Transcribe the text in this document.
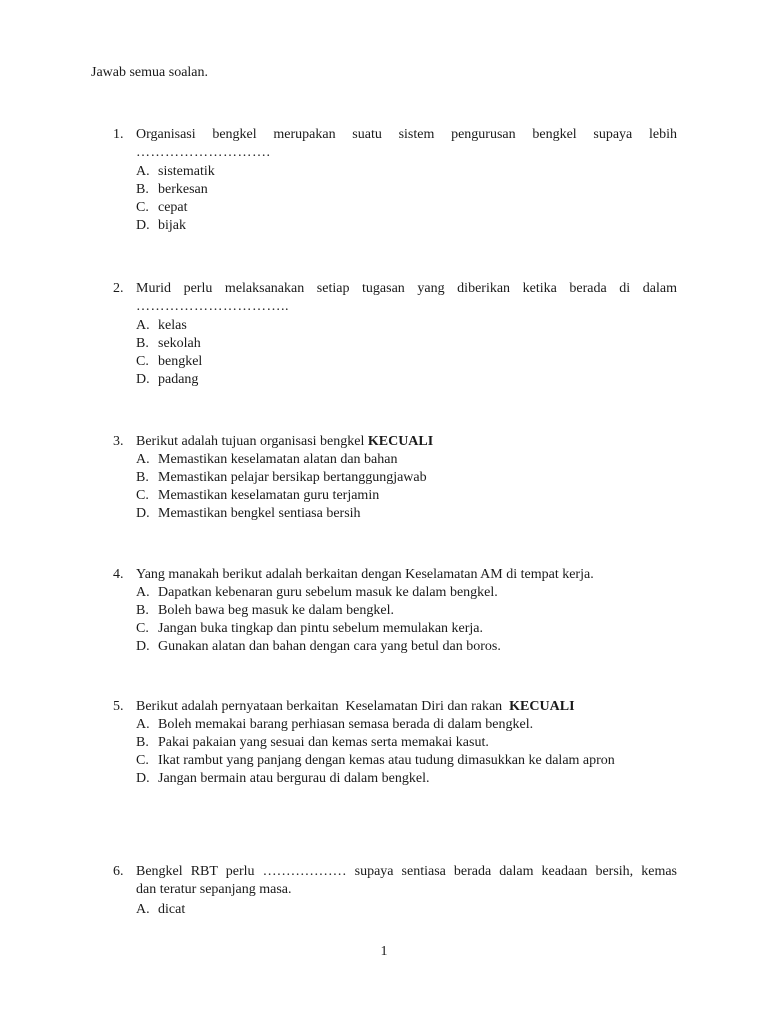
Jawab semua soalan.
1. Organisasi bengkel merupakan suatu sistem pengurusan bengkel supaya lebih
……………………….
A. sistematik
B. berkesan
C. cepat
D. bijak
2. Murid perlu melaksanakan setiap tugasan yang diberikan ketika berada di dalam
…………………………..
A. kelas
B. sekolah
C. bengkel
D. padang
3. Berikut adalah tujuan organisasi bengkel KECUALI
A. Memastikan keselamatan alatan dan bahan
B. Memastikan pelajar bersikap bertanggungjawab
C. Memastikan keselamatan guru terjamin
D. Memastikan bengkel sentiasa bersih
4. Yang manakah berikut adalah berkaitan dengan Keselamatan AM di tempat kerja.
A. Dapatkan kebenaran guru sebelum masuk ke dalam bengkel.
B. Boleh bawa beg masuk ke dalam bengkel.
C. Jangan buka tingkap dan pintu sebelum memulakan kerja.
D. Gunakan alatan dan bahan dengan cara yang betul dan boros.
5. Berikut adalah pernyataan berkaitan  Keselamatan Diri dan rakan KECUALI
A. Boleh memakai barang perhiasan semasa berada di dalam bengkel.
B. Pakai pakaian yang sesuai dan kemas serta memakai kasut.
C. Ikat rambut yang panjang dengan kemas atau tudung dimasukkan ke dalam apron
D. Jangan bermain atau bergurau di dalam bengkel.
6. Bengkel RBT perlu ……………… supaya sentiasa berada dalam keadaan bersih, kemas
dan teratur sepanjang masa.
A. dicat
1
